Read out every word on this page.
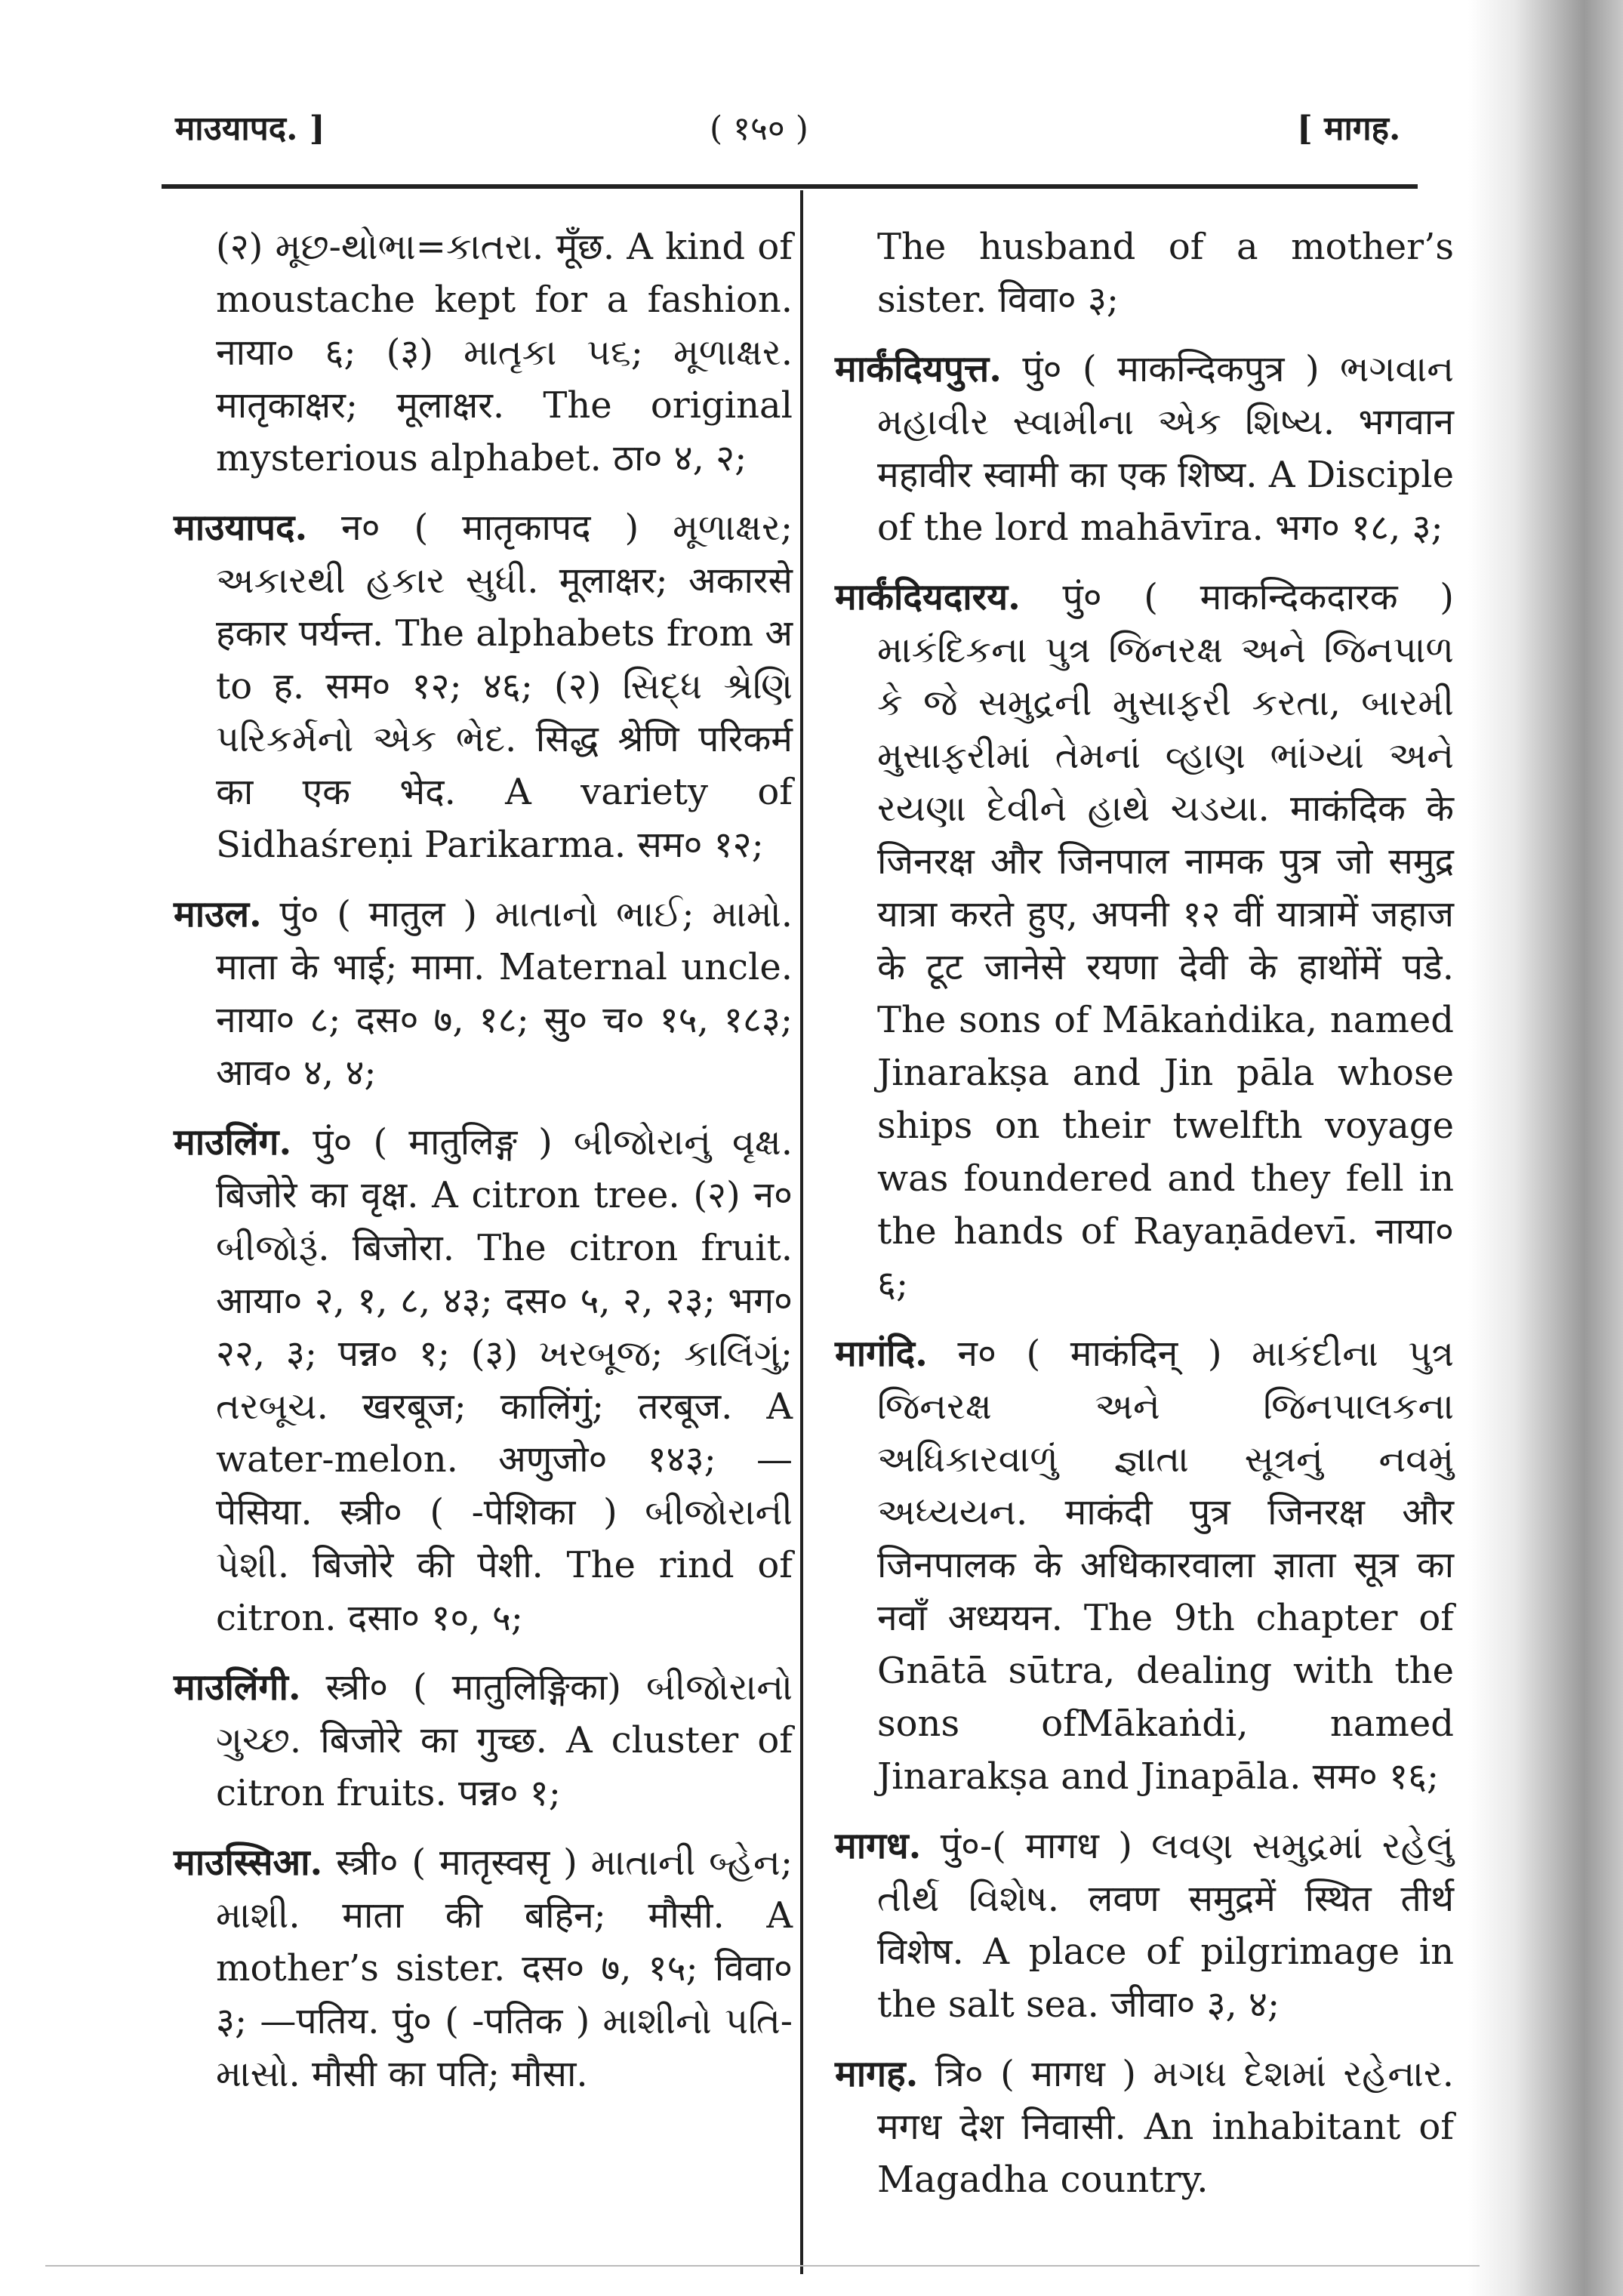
माउयापद. ]	( १५० )	[ मागह.

(२) મૂછ-થોભા=કાતરા. मूँछ. A kind of moustache kept for a fashion. नाया० ६; (३) માતૃકા ૫૬; મૂળાક્ષર. मातृकाक्षर; मूलाक्षर. The original mysterious alphabet. ठा० ४, २;

माउयापद. न० ( मातृकापद ) મૂળાક્ષર; અકારથી હકાર સુધી. मूलाक्षर; अकारसे हकार पर्यन्त. The alphabets from अ to ह. सम० १२; ४६; (२) સિદ્ધ શ્રેણિ પરિકર્મનો એક ભેદ. सिद्ध श्रेणि परिकर्म का एक भेद. A variety of Sidhaśreṇi Parikarma. सम० १२;

माउल. पुं० ( मातुल ) માતાનો ભાઈ; મામો. माता के भाई; मामा. Maternal uncle. नाया० ८; दस० ७, १८; सु० च० १५, १८३; आव० ४, ४;

माउलिंग. पुं० ( मातुलिङ्ग ) બીજોરાનું વૃક્ષ. बिजोरे का वृक्ष. A citron tree. (२) न० બીજોરૂં. बिजोरा. The citron fruit. आया० २, १, ८, ४३; दस० ५, २, २३; भग० २२, ३; पन्न० १; (३) ખરબૂજ; કાલિંગું; તરબૂચ. खरबूज; कालिंगुं; तरबूज. A water-melon. अणुजो० १४३; —पेसिया. स्त्री० ( -पेशिका ) બીજોરાની પેશી. बिजोरे की पेशी. The rind of citron. दसा० १०, ५;

माउलिंगी. स्त्री० ( मातुलिङ्गिका) બીજોરાનો ગુચ્છ. बिजोरे का गुच्छ. A cluster of citron fruits. पन्न० १;

माउस्सिआ. स्त्री० ( मातृस्वसृ ) માતાની બ્હેન; માશી. माता की बहिन; मौसी. A mother’s sister. दस० ७, १५; विवा० ३; —पतिय. पुं० ( -पतिक ) માશીનો પતિ-માસો. मौसी का पति; मौसा.

The husband of a mother’s sister. विवा० ३;

मार्कंदियपुत्त. पुं० ( माकन्दिकपुत्र ) ભગવાન મહાવીર સ્વામીના એક શિષ્ય. भगवान महावीर स्वामी का एक शिष्य. A Disciple of the lord mahāvīra. भग० १८, ३;

मार्कंदियदारय. पुं० ( माकन्दिकदारक ) માકંદિકના પુત્ર જિનરક્ષ અને જિનપાળ કે જે સમુદ્રની મુસાફરી કરતા, બારમી મુસાફરીમાં તેમનાં વ્હાણ ભાંગ્યાં અને રયણા દેવીને હાથે ચડયા. माकंदिक के जिनरक्ष और जिनपाल नामक पुत्र जो समुद्र यात्रा करते हुए, अपनी १२ वीं यात्रामें जहाज के टूट जानेसे रयणा देवी के हाथोंमें पडे. The sons of Mākaṅdika, named Jinarakṣa and Jin pāla whose ships on their twelfth voyage was foundered and they fell in the hands of Rayaṇādevī. नाया० ६;

मागंदि. न० ( माकंदिन् ) માકંદીના પુત્ર જિનરક્ષ અને જિનપાલકના અધિકારવાળું જ્ઞાતા સૂત્રનું નવમું અધ્યયન. माकंदी पुत्र जिनरक्ष और जिनपालक के अधिकारवाला ज्ञाता सूत्र का नवाँ अध्ययन. The 9th chapter of Gnātā sūtra, dealing with the sons ofMākaṅdi, named Jinarakṣa and Jinapāla. सम० १६;

मागध. पुं०-( मागध ) લવણ સમુદ્રમાં રહેલું તીર્થ વિશેષ. लवण समुद्रमें स्थित तीर्थ विशेष. A place of pilgrimage in the salt sea. जीवा० ३, ४;

मागह. त्रि० ( मागध ) મગધ દેશમાં રહેનાર. मगध देश निवासी. An inhabitant of Magadha country.
